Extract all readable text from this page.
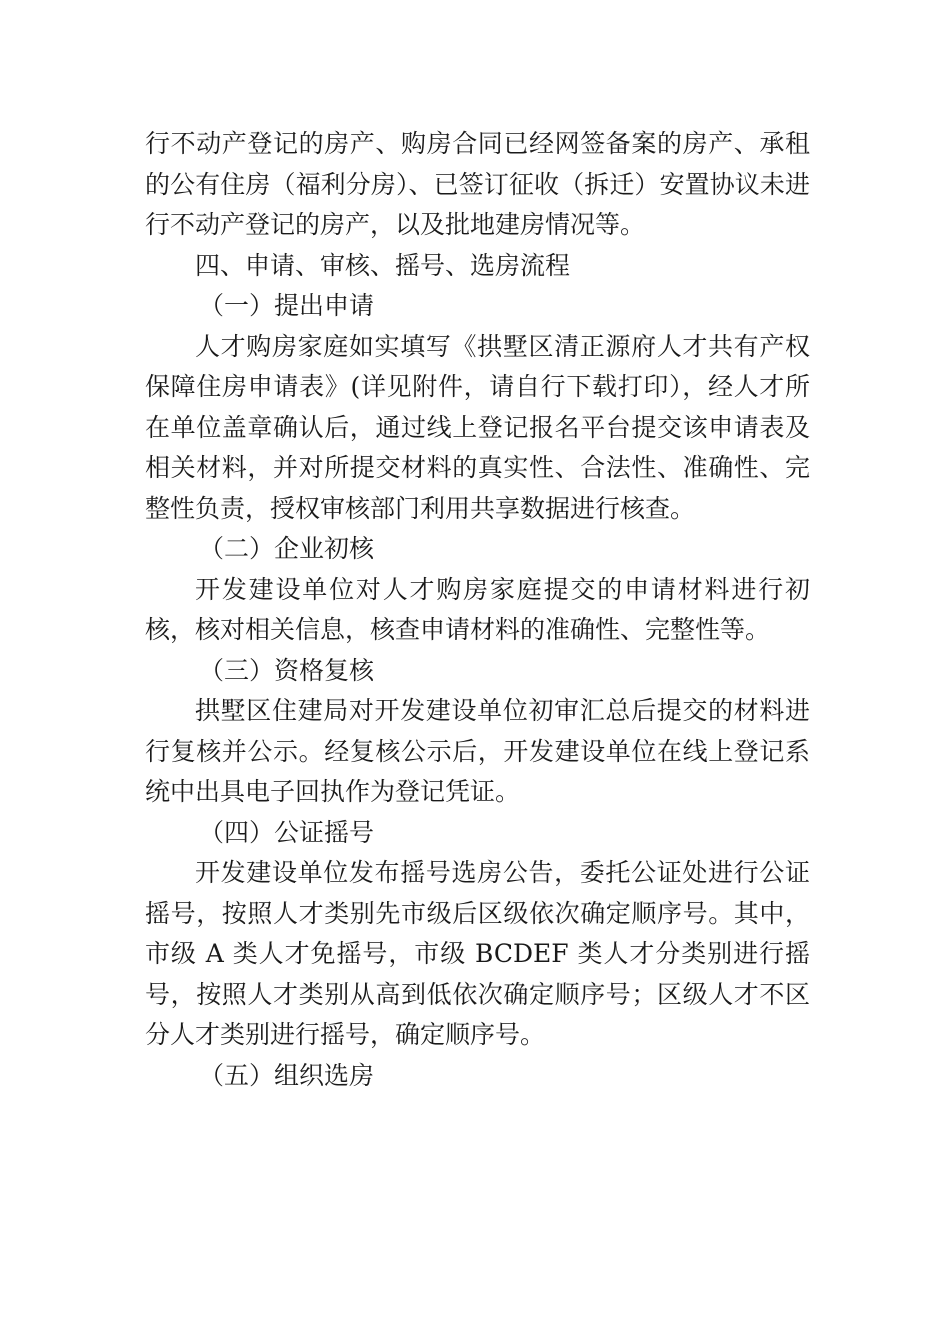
行不动产登记的房产、购房合同已经网签备案的房产、承租的公有住房（福利分房）、已签订征收（拆迁）安置协议未进行不动产登记的房产，以及批地建房情况等。

四、申请、审核、摇号、选房流程

（一）提出申请

人才购房家庭如实填写《拱墅区清正源府人才共有产权保障住房申请表》(详见附件，请自行下载打印），经人才所在单位盖章确认后，通过线上登记报名平台提交该申请表及相关材料，并对所提交材料的真实性、合法性、准确性、完整性负责，授权审核部门利用共享数据进行核查。

（二）企业初核

开发建设单位对人才购房家庭提交的申请材料进行初核，核对相关信息，核查申请材料的准确性、完整性等。

（三）资格复核

拱墅区住建局对开发建设单位初审汇总后提交的材料进行复核并公示。经复核公示后，开发建设单位在线上登记系统中出具电子回执作为登记凭证。

（四）公证摇号

开发建设单位发布摇号选房公告，委托公证处进行公证摇号，按照人才类别先市级后区级依次确定顺序号。其中， 市级 A 类人才免摇号，市级 BCDEF 类人才分类别进行摇号，按照人才类别从高到低依次确定顺序号；区级人才不区分人才类别进行摇号，确定顺序号。

（五）组织选房
